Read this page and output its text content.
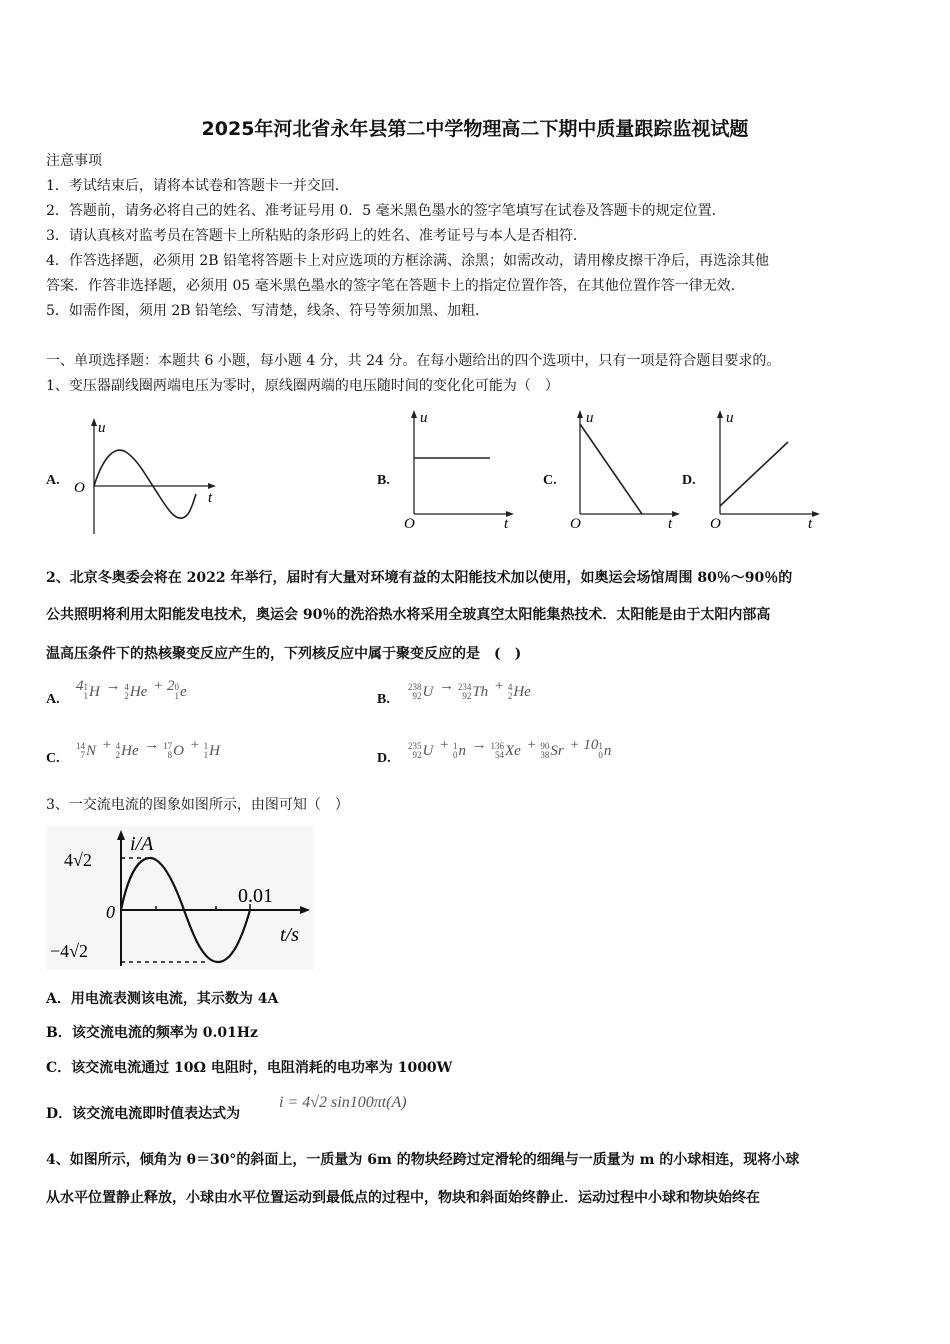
2025年河北省永年县第二中学物理高二下期中质量跟踪监视试题
注意事项
1．考试结束后，请将本试卷和答题卡一并交回．
2．答题前，请务必将自己的姓名、准考证号用 0．5 毫米黑色墨水的签字笔填写在试卷及答题卡的规定位置．
3．请认真核对监考员在答题卡上所粘贴的条形码上的姓名、准考证号与本人是否相符．
4．作答选择题，必须用 2B 铅笔将答题卡上对应选项的方框涂满、涂黑；如需改动，请用橡皮擦干净后，再选涂其他
答案．作答非选择题，必须用 05 毫米黑色墨水的签字笔在答题卡上的指定位置作答，在其他位置作答一律无效．
5．如需作图，须用 2B 铅笔绘、写清楚，线条、符号等须加黑、加粗．
一、单项选择题：本题共 6 小题，每小题 4 分，共 24 分。在每小题给出的四个选项中，只有一项是符合题目要求的。
1、变压器副线圈两端电压为零时，原线圈两端的电压随时间的变化化可能为（　）
A.
u
O
t
B.
u
O	t
C.
u
O	t
D.
u
O	t
2、北京冬奥委会将在 2022 年举行，届时有大量对环境有益的太阳能技术加以使用，如奥运会场馆周围 80％～90％的
公共照明将利用太阳能发电技术，奥运会 90％的洗浴热水将采用全玻真空太阳能集热技术．太阳能是由于太阳内部高
温高压条件下的热核聚变反应产生的，下列核反应中属于聚变反应的是　(　)
A.
4 1
1 H → 4
2 He + 2 0
1 e	B.
238
92 U → 234
92 Th + 4
2 He
C.
14
7 N + 4
2 He → 17
8 O + 1
1 H	D.
235
92 U + 1
0 n → 136
54 Xe + 90
38 Sr + 10 1
0 n
3、一交流电流的图象如图所示，由图可知（　）
i/A
4√2
0
−4√2
0.01
t/s
A．用电流表测该电流，其示数为 4A
B．该交流电流的频率为 0.01Hz
C．该交流电流通过 10Ω 电阻时，电阻消耗的电功率为 1000W
D．该交流电流即时值表达式为
i = 4√2 sin100πt(A)
4、如图所示，倾角为 θ＝30°的斜面上，一质量为 6m 的物块经跨过定滑轮的细绳与一质量为 m 的小球相连，现将小球
从水平位置静止释放，小球由水平位置运动到最低点的过程中，物块和斜面始终静止．运动过程中小球和物块始终在
